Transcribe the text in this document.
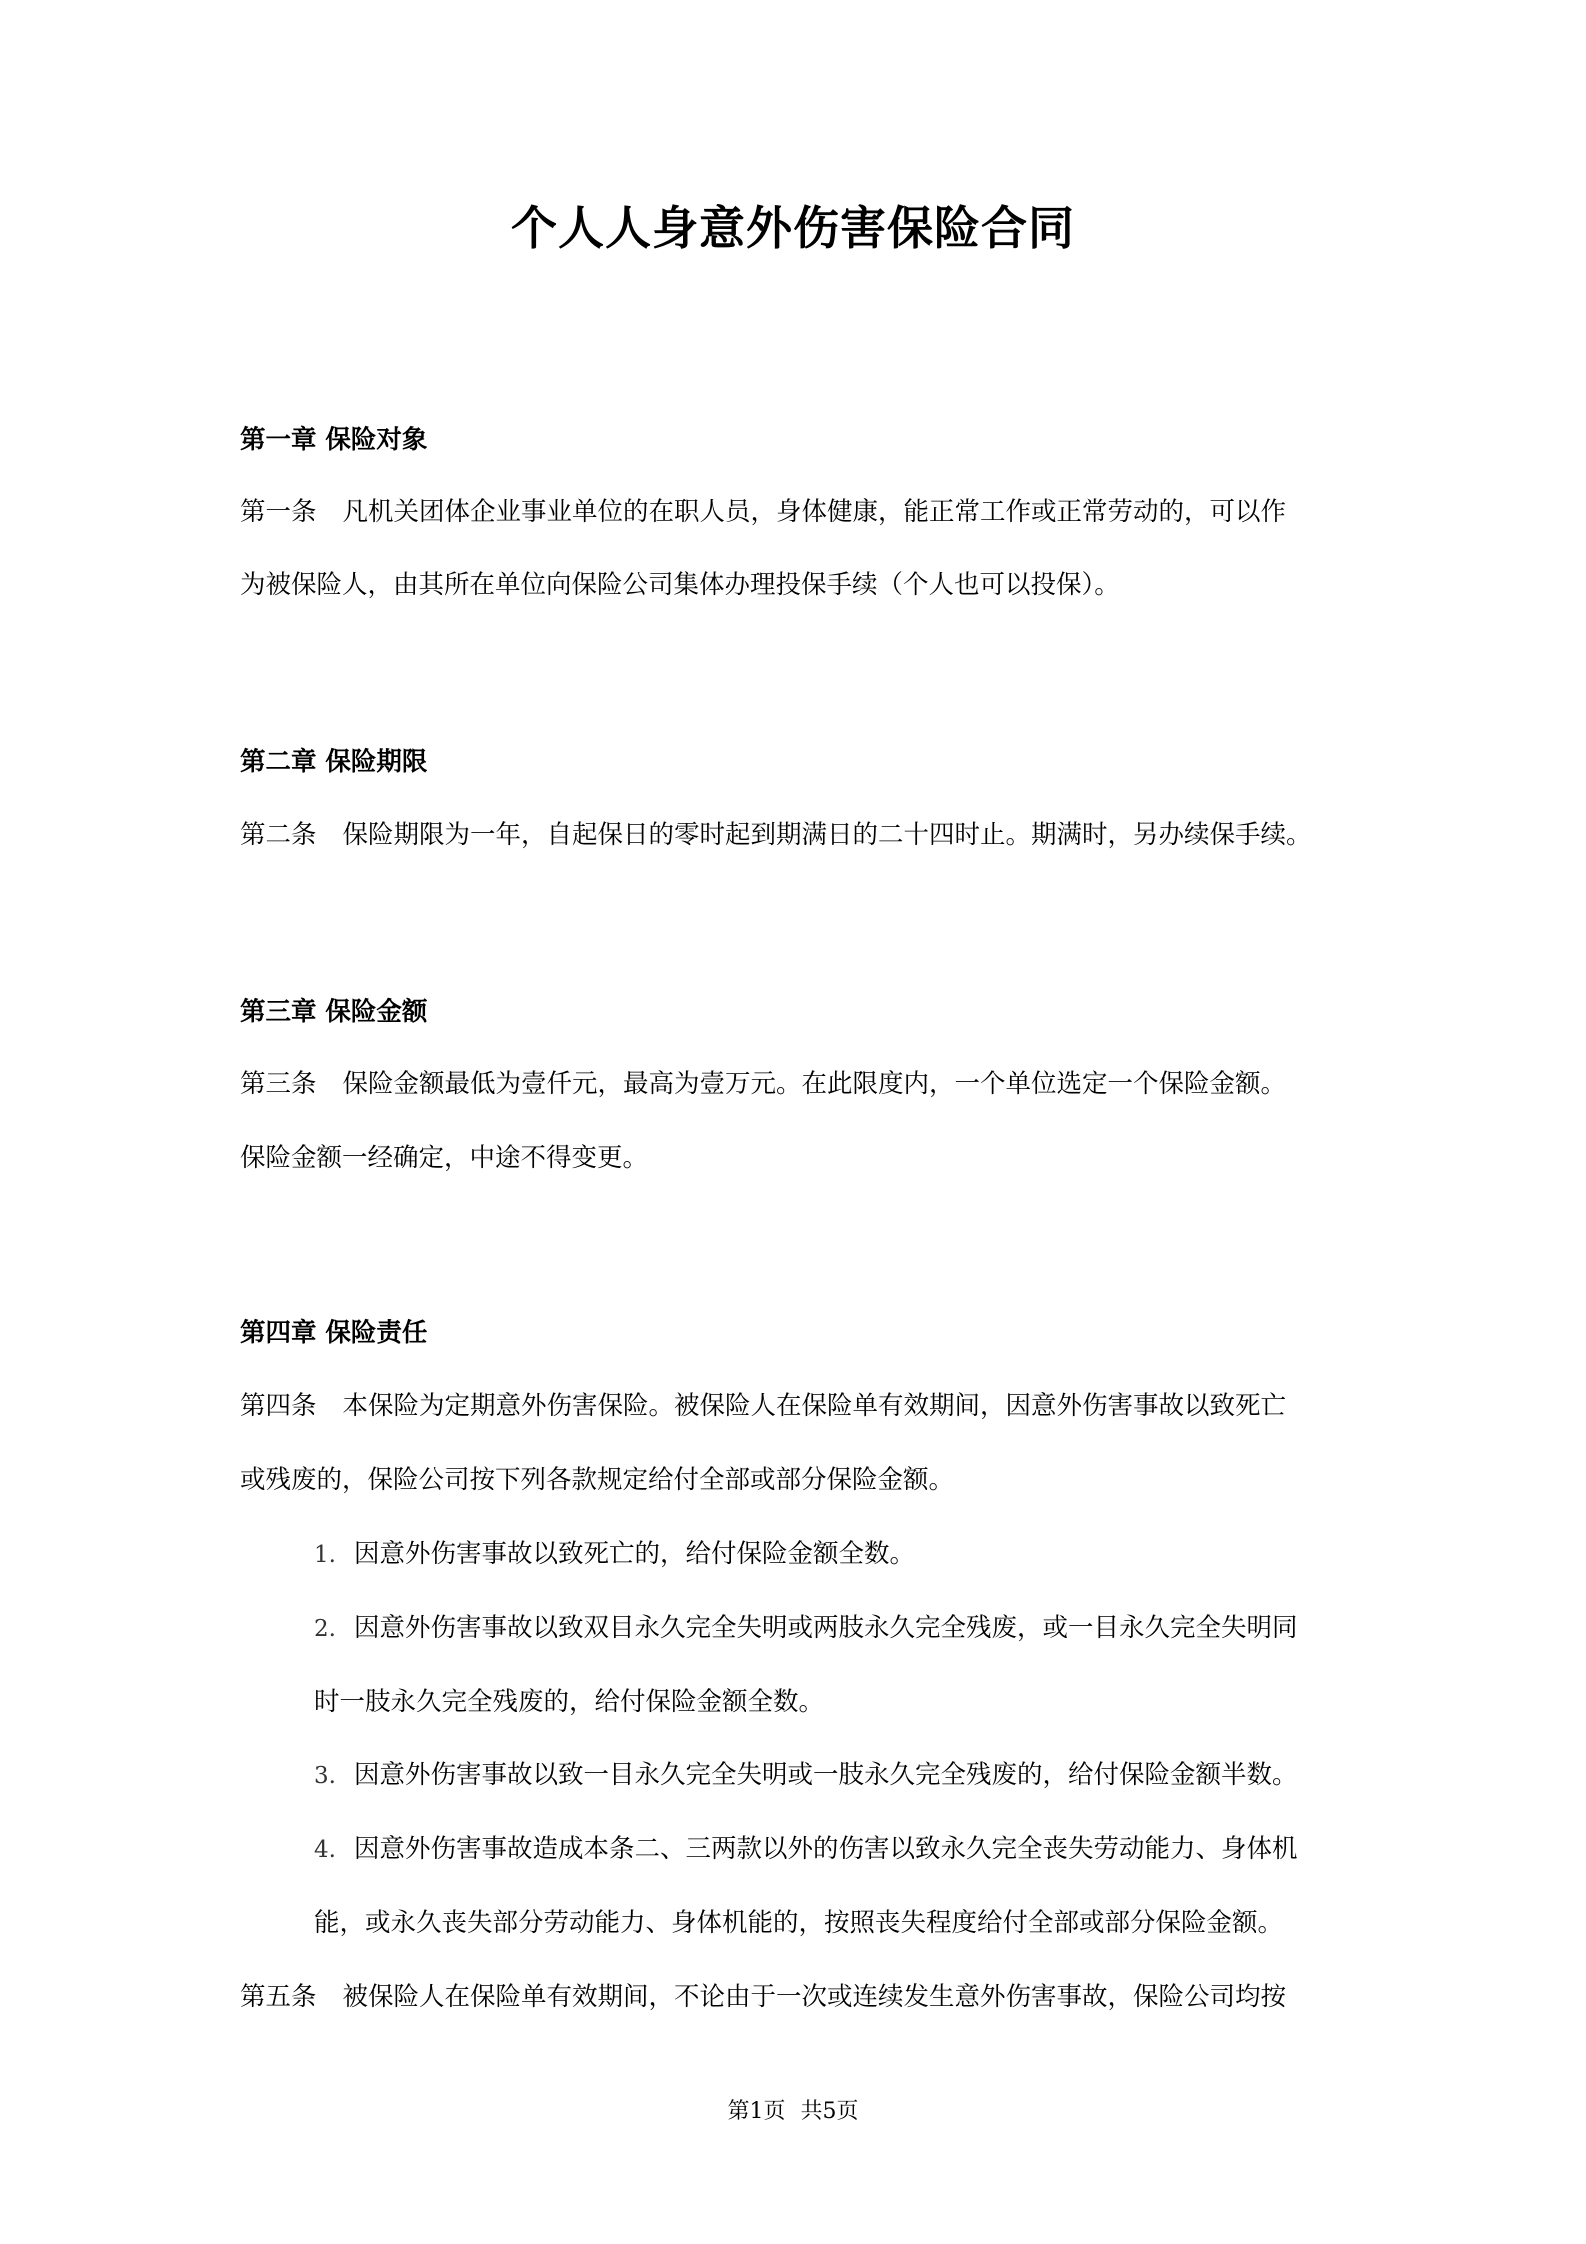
个人人身意外伤害保险合同
第一章 保险对象
第一条 凡机关团体企业事业单位的在职人员，身体健康，能正常工作或正常劳动的，可以作
为被保险人，由其所在单位向保险公司集体办理投保手续（个人也可以投保）。
第二章 保险期限
第二条 保险期限为一年，自起保日的零时起到期满日的二十四时止。期满时，另办续保手续。
第三章 保险金额
第三条 保险金额最低为壹仟元，最高为壹万元。在此限度内，一个单位选定一个保险金额。
保险金额一经确定，中途不得变更。
第四章 保险责任
第四条 本保险为定期意外伤害保险。被保险人在保险单有效期间，因意外伤害事故以致死亡
或残废的，保险公司按下列各款规定给付全部或部分保险金额。
1. 因意外伤害事故以致死亡的，给付保险金额全数。
2. 因意外伤害事故以致双目永久完全失明或两肢永久完全残废，或一目永久完全失明同
时一肢永久完全残废的，给付保险金额全数。
3. 因意外伤害事故以致一目永久完全失明或一肢永久完全残废的，给付保险金额半数。
4. 因意外伤害事故造成本条二、三两款以外的伤害以致永久完全丧失劳动能力、身体机
能，或永久丧失部分劳动能力、身体机能的，按照丧失程度给付全部或部分保险金额。
第五条 被保险人在保险单有效期间，不论由于一次或连续发生意外伤害事故，保险公司均按
第1页 共5页
